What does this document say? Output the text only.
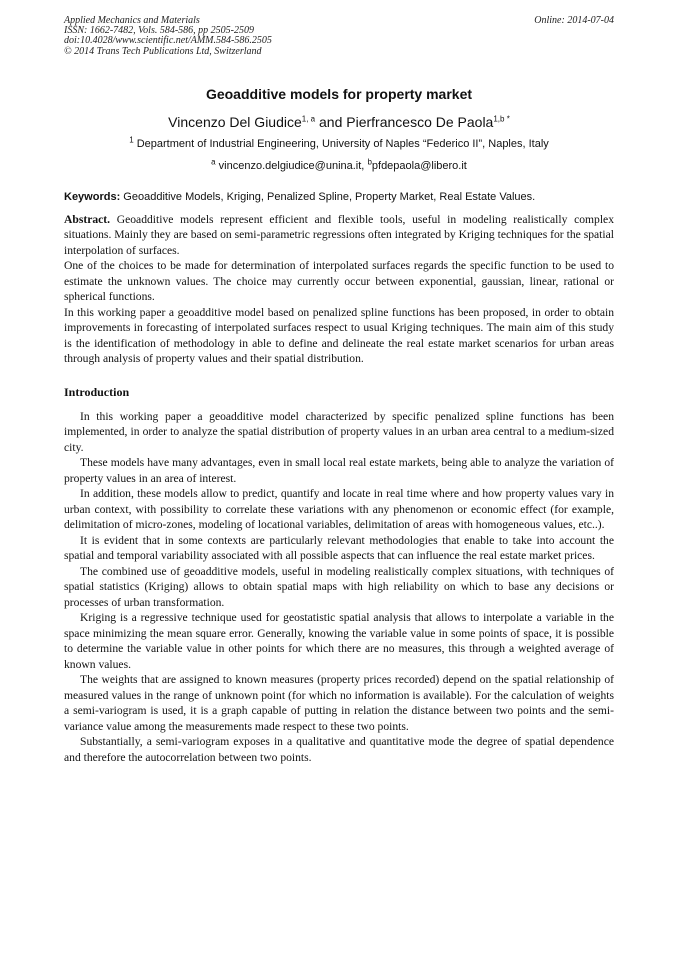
Applied Mechanics and Materials
ISSN: 1662-7482, Vols. 584-586, pp 2505-2509
doi:10.4028/www.scientific.net/AMM.584-586.2505
© 2014 Trans Tech Publications Ltd, Switzerland
Online: 2014-07-04
Geoadditive models for property market
Vincenzo Del Giudice$^{1, a}$ and Pierfrancesco De Paola$^{1,b *}$
$^1$ Department of Industrial Engineering, University of Naples “Federico II”, Naples, Italy
$^a$ vincenzo.delgiudice@unina.it, $^b$pfdepaola@libero.it
Keywords: Geoadditive Models, Kriging, Penalized Spline, Property Market, Real Estate Values.

Abstract. Geoadditive models represent efficient and flexible tools, useful in modeling realistically complex situations. Mainly they are based on semi-parametric regressions often integrated by Kriging techniques for the spatial interpolation of surfaces.

One of the choices to be made for determination of interpolated surfaces regards the specific function to be used to estimate the unknown values. The choice may currently occur between exponential, gaussian, linear, rational or spherical functions.

In this working paper a geoadditive model based on penalized spline functions has been proposed, in order to obtain improvements in forecasting of interpolated surfaces respect to usual Kriging techniques. The main aim of this study is the identification of methodology in able to define and delineate the real estate market scenarios for urban areas through analysis of property values and their spatial distribution.

Introduction

In this working paper a geoadditive model characterized by specific penalized spline functions has been implemented, in order to analyze the spatial distribution of property values in an urban area central to a medium-sized city.

These models have many advantages, even in small local real estate markets, being able to analyze the variation of property values in an area of interest.

In addition, these models allow to predict, quantify and locate in real time where and how property values vary in urban context, with possibility to correlate these variations with any phenomenon or economic effect (for example, delimitation of micro-zones, modeling of locational variables, delimitation of areas with homogeneous values, etc..).

It is evident that in some contexts are particularly relevant methodologies that enable to take into account the spatial and temporal variability associated with all possible aspects that can influence the real estate market prices.

The combined use of geoadditive models, useful in modeling realistically complex situations, with techniques of spatial statistics (Kriging) allows to obtain spatial maps with high reliability on which to base any decisions or processes of urban transformation.

Kriging is a regressive technique used for geostatistic spatial analysis that allows to interpolate a variable in the space minimizing the mean square error. Generally, knowing the variable value in some points of space, it is possible to determine the variable value in other points for which there are no measures, this through a weighted average of known values.

The weights that are assigned to known measures (property prices recorded) depend on the spatial relationship of measured values in the range of unknown point (for which no information is available). For the calculation of weights a semi-variogram is used, it is a graph capable of putting in relation the distance between two points and the semi-variance value among the measurements made respect to these two points.

Substantially, a semi-variogram exposes in a qualitative and quantitative mode the degree of spatial dependence and therefore the autocorrelation between two points.
